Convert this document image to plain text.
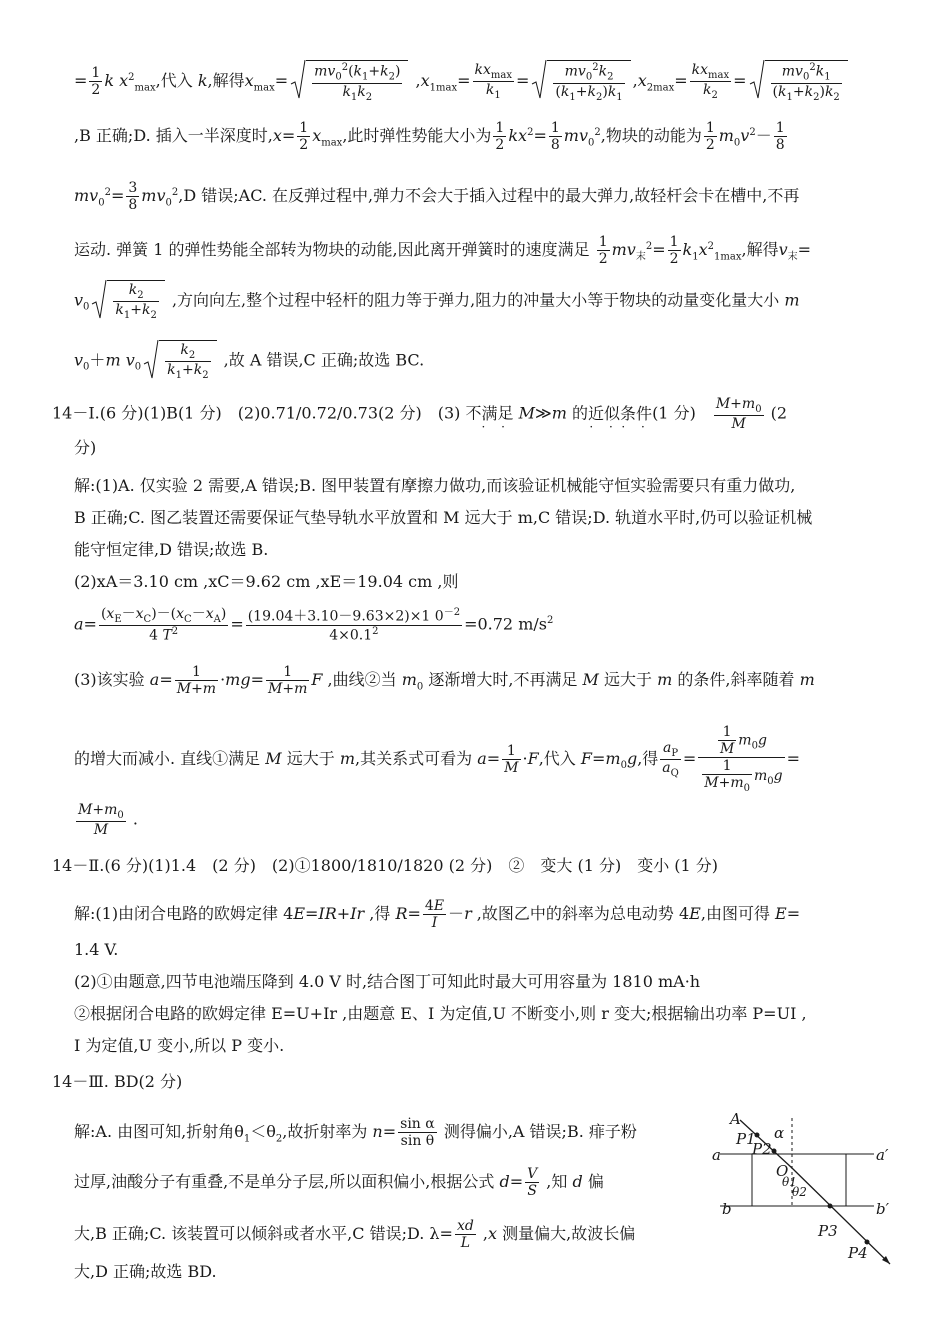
= $\frac{1}{2}$ k $x^2_{max}$,代入 k,解得$x_{max}= \frac{mv_0^2(k_1+k_2)}{k_1k_2} ,x_{1max}= \frac{kx_{max}}{k_1} = \frac{mv_0^2k_2}{(k_1+k_2)k_1} ,x_{2max}= \frac{kx_{max}}{k_2} = \frac{mv_0^2k_1}{(k_1+k_2)k_2}$
,B 正确;D. 插入一半深度时$,x= \frac{1}{2} x_{max}$,此时弹性势能大小为 $\frac{1}{2} kx^2= \frac{1}{8} mv_0^2$,物块的动能为 $\frac{1}{2} m_0v^2- \frac{1}{8}$
$mv_0^2= \frac{3}{8} mv_0^2,D$ 错误;AC. 在反弹过程中,弹力不会大于插入过程中的最大弹力,故轻杆会卡在槽中,不再
运动. 弹簧 1 的弹性势能全部转为物块的动能,因此离开弹簧时的速度满足 $\frac{1}{2} mv_末^2= \frac{1}{2} k_1x^2_{1max}$,解得$v_末=$
$v_0 \frac{k_2}{k_1+k_2}$ ,方向向左,整个过程中轻杆的阻力等于弹力,阻力的冲量大小等于物块的动量变化量大小 m
$v_0+m$ $v_0 \frac{k_2}{k_1+k_2}$ ,故 A 错误,C 正确;故选 BC.
14－Ⅰ.(6 分)(1)B(1 分)　(2)0.71/0.72/0.73(2 分)　(3) 不满 · ·足 M≫m 的近似 · ·条件 · ·(1 分)　 $\frac{M+m_0}{M} (2$
分)
解:(1)A. 仅实验 2 需要,A 错误;B. 图甲装置有摩擦力做功,而该验证机械能守恒实验需要只有重力做功,
B 正确;C. 图乙装置还需要保证气垫导轨水平放置和 M 远大于 m,C 错误;D. 轨道水平时,仍可以验证机械
能守恒定律,D 错误;故选 B.
(2)xA＝3.10 cm ,xC＝9.62 cm ,xE＝19.04 cm ,则
$a= \frac{(x_E-x_C)-(x_C-x_A)}{4 T^2} = \frac{(19.04+3.10-9.63\times 2)\times 1 0^{-2}}{4\times 0.1^2} =0.72$ $m/s^2$
(3)该实验 $a= \frac{1}{M+m} \cdot mg= \frac{1}{M+m}$ F ,曲线②当 $m_0$ 逐渐增大时,不再满足 M 远大于 m 的条件,斜率随着 m
的增大而减小. 直线①满足 M 远大于 m,其关系式可看为 $a= \frac{1}{M} \cdot F$,代入 $F=m_0g$,得 $\frac{a_P}{a_Q} = \frac{\frac{1}{M} m_0g}{\frac{1}{M+m_0} m_0g}$ =
$\frac{M+m_0}{M}$ .
14－Ⅱ.(6 分)(1)1.4　(2 分)　(2)①1800/1810/1820 (2 分)　②　变大 (1 分)　变小 (1 分)
解:(1)由闭合电路的欧姆定律 4E=IR+Ir ,得 $R= \frac{4E}{I} -r$ ,故图乙中的斜率为总电动势 4E,由图可得 E=
1.4 V.
(2)①由题意,四节电池端压降到 4.0 V 时,结合图丁可知此时最大可用容量为 1810 mA·h
②根据闭合电路的欧姆定律 E=U+Ir ,由题意 E、I 为定值,U 不断变小,则 r 变大;根据输出功率 P=UI ,
I 为定值,U 变小,所以 P 变小.
14－Ⅲ. BD(2 分)
解:A. 由图可知,折射角$\theta_1<\theta_2$,故折射率为 $n= \frac{\text{sin α}}{\text{sin θ}}$ 测得偏小,A 错误;B. 痱子粉
过厚,油酸分子有重叠,不是单分子层,所以面积偏小,根据公式 $d= \frac{V}{S}$ ,知 d 偏
大,B 正确;C. 该装置可以倾斜或者水平,C 错误;D. $\lambda= \frac{xd}{L} ,x$ 测量偏大,故波长偏
大,D 正确;故选 BD.
A
P1
P2
α
a	a′
O
θ1
θ2
b	b′
P3
P4
